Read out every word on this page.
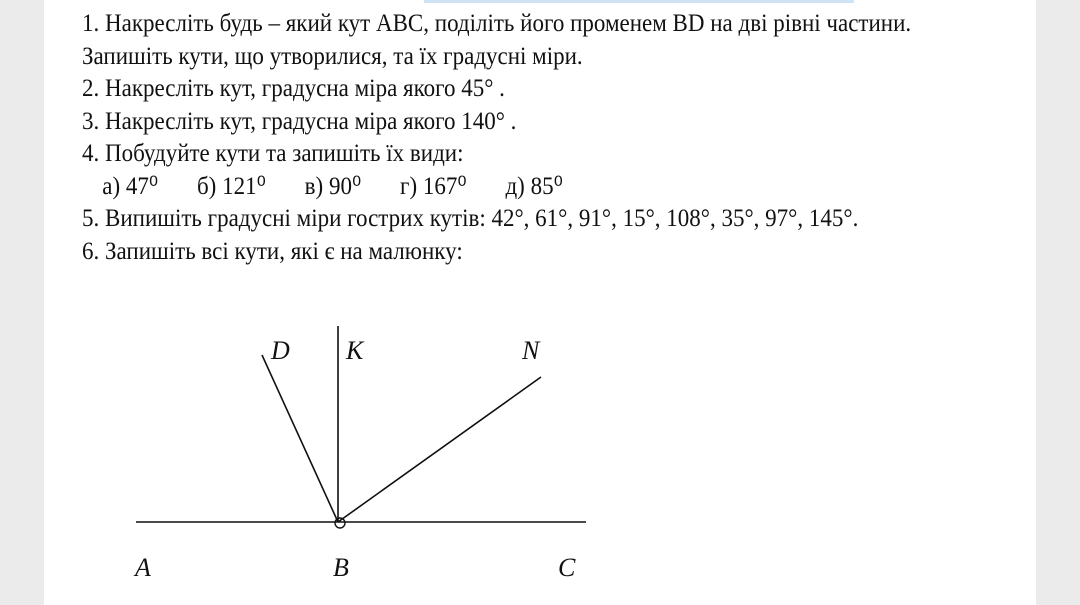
1. Накресліть будь – який кут ABC, поділіть його променем BD на дві рівні частини.
Запишіть кути, що утворилися, та їх градусні міри.
2. Накресліть кут, градусна міра якого 45° .
3. Накресліть кут, градусна міра якого 140° .
4. Побудуйте кути та запишіть їх види:
а) 47⁰ б) 121⁰ в) 90⁰ г) 167⁰ д) 85⁰
5. Випишіть градусні міри гострих кутів: 42°, 61°, 91°, 15°, 108°, 35°, 97°, 145°.
6. Запишіть всі кути, які є на малюнку:
D K	N
A	B	C
